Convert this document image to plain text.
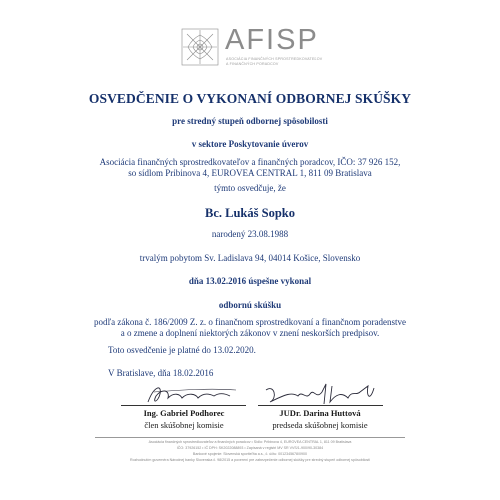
AFISP
ASOCIÁCIA FINANČNÝCH SPROSTREDKOVATEĽOV
A FINANČNÝCH PORADCOV
OSVEDČENIE O VYKONANÍ ODBORNEJ SKÚŠKY
pre stredný stupeň odbornej spôsobilosti
v sektore Poskytovanie úverov
Asociácia finančných sprostredkovateľov a finančných poradcov, IČO: 37 926 152,
so sídlom Pribinova 4, EUROVEA CENTRAL 1, 811 09 Bratislava
týmto osvedčuje, že
Bc. Lukáš Sopko
narodený 23.08.1988
trvalým pobytom Sv. Ladislava 94, 04014 Košice, Slovensko
dňa 13.02.2016 úspešne vykonal
odbornú skúšku
podľa zákona č. 186/2009 Z. z. o finančnom sprostredkovaní a finančnom poradenstve
a o zmene a doplnení niektorých zákonov v znení neskorších predpisov.
Toto osvedčenie je platné do 13.02.2020.
V Bratislave, dňa 18.02.2016
Ing. Gabriel Podhorec
člen skúšobnej komisie
JUDr. Darina Huttová
predseda skúšobnej komisie
Asociácia finančných sprostredkovateľov a finančných poradcov • Sídlo: Pribinova 4, EUROVEA CENTRAL 1, 811 09 Bratislava
IČO: 37926152 • IČ DPH: SK2022088893 • Zapísaná v registri MV SR VVS/1-900/90-30384
Bankové spojenie: Slovenská sporiteľňa a.s., č. účtu: 0012345678/0900
Rozhodnutím guvernéra Národnej banky Slovenska č. 98/2015 a poverení pre zabezpečenie odbornej skúšky pre stredný stupeň odbornej spôsobilosti
